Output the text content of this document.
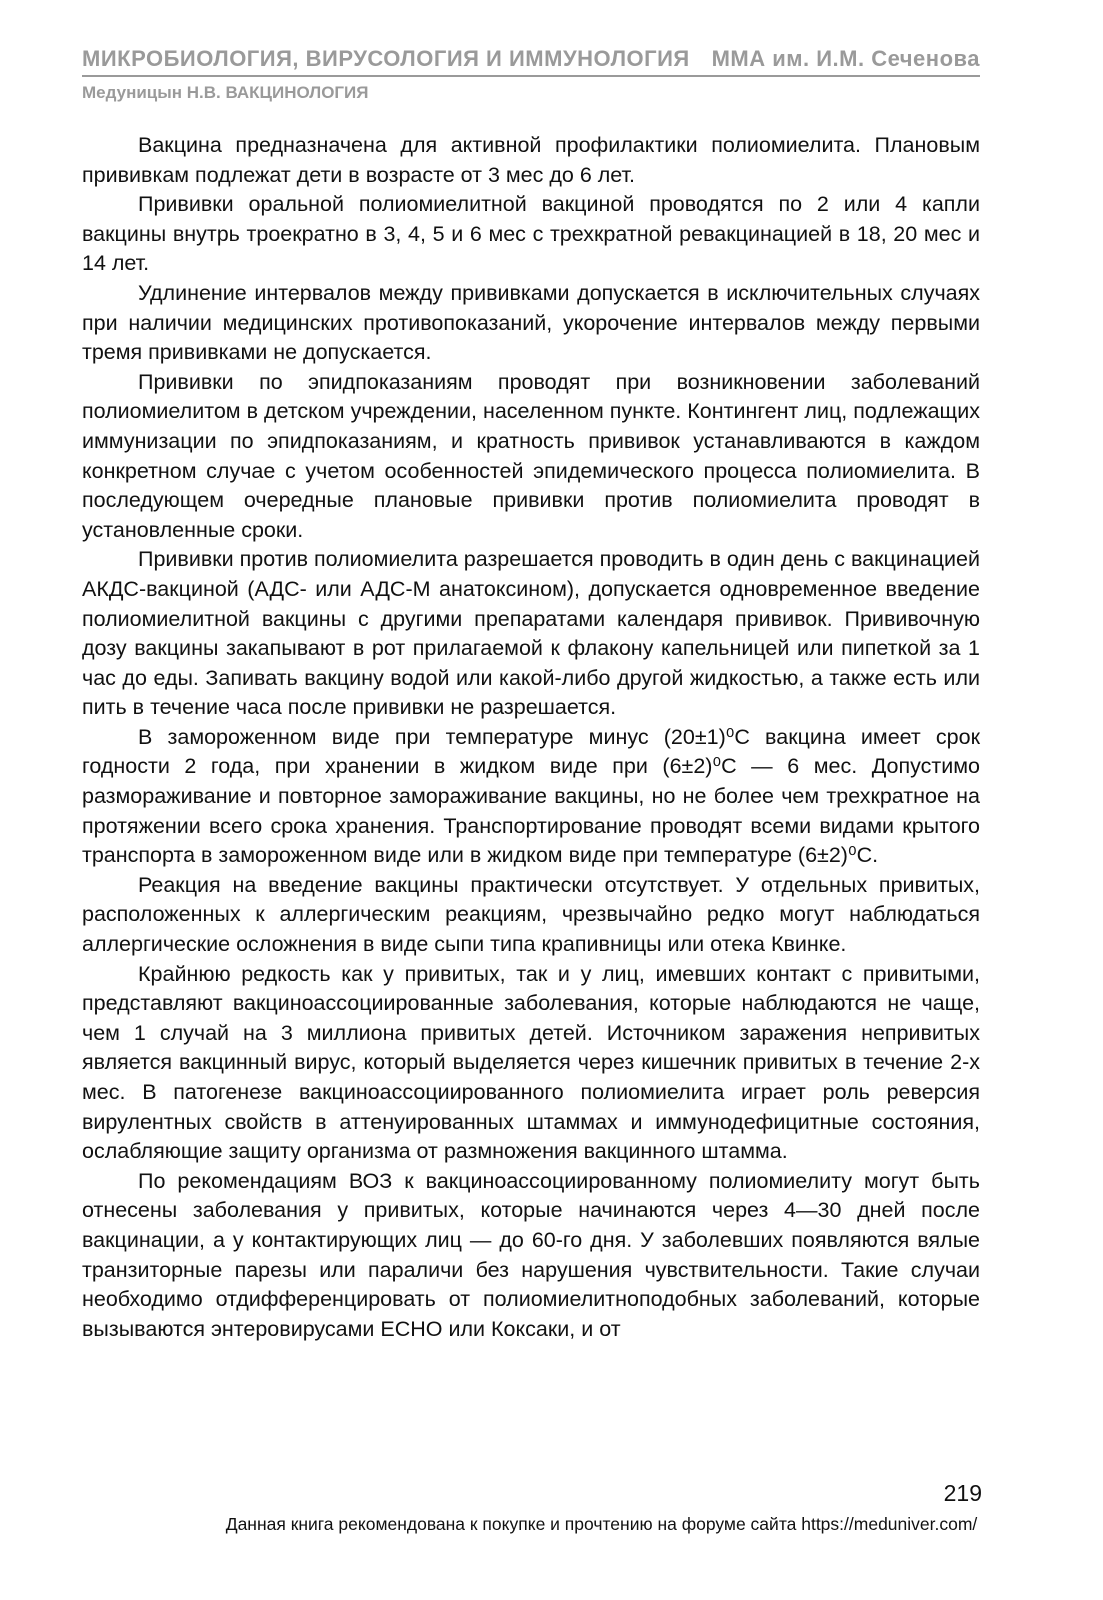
МИКРОБИОЛОГИЯ, ВИРУСОЛОГИЯ И ИММУНОЛОГИЯ ММА им. И.М. Сеченова
Медуницын Н.В. ВАКЦИНОЛОГИЯ

Вакцина предназначена для активной профилактики полиомиелита. Плановым прививкам подлежат дети в возрасте от 3 мес до 6 лет.

Прививки оральной полиомиелитной вакциной проводятся по 2 или 4 капли вакцины внутрь троекратно в 3, 4, 5 и 6 мес с трехкратной ревакцинацией в 18, 20 мес и 14 лет.

Удлинение интервалов между прививками допускается в исключительных случаях при наличии медицинских противопоказаний, укорочение интервалов между первыми тремя прививками не допускается.

Прививки по эпидпоказаниям проводят при возникновении заболеваний полиомиелитом в детском учреждении, населенном пункте. Контингент лиц, подлежащих иммунизации по эпидпоказаниям, и кратность прививок устанавливаются в каждом конкретном случае с учетом особенностей эпидемического процесса полиомиелита. В последующем очередные плановые прививки против полиомиелита проводят в установленные сроки.

Прививки против полиомиелита разрешается проводить в один день с вакцинацией АКДС-вакциной (АДС- или АДС-М анатоксином), допускается одновременное введение полиомиелитной вакцины с другими препаратами календаря прививок. Прививочную дозу вакцины закапывают в рот прилагаемой к флакону капельницей или пипеткой за 1 час до еды. Запивать вакцину водой или какой-либо другой жидкостью, а также есть или пить в течение часа после прививки не разрешается.

В замороженном виде при температуре минус (20±1)⁰С вакцина имеет срок годности 2 года, при хранении в жидком виде при (6±2)⁰С — 6 мес. Допустимо размораживание и повторное замораживание вакцины, но не более чем трехкратное на протяжении всего срока хранения. Транспортирование проводят всеми видами крытого транспорта в замороженном виде или в жидком виде при температуре (6±2)⁰С.

Реакция на введение вакцины практически отсутствует. У отдельных привитых, расположенных к аллергическим реакциям, чрезвычайно редко могут наблюдаться аллергические осложнения в виде сыпи типа крапивницы или отека Квинке.

Крайнюю редкость как у привитых, так и у лиц, имевших контакт с привитыми, представляют вакциноассоциированные заболевания, которые наблюдаются не чаще, чем 1 случай на 3 миллиона привитых детей. Источником заражения непривитых является вакцинный вирус, который выделяется через кишечник привитых в течение 2-х мес. В патогенезе вакциноассоциированного полиомиелита играет роль реверсия вирулентных свойств в аттенуированных штаммах и иммунодефицитные состояния, ослабляющие защиту организма от размножения вакцинного штамма.

По рекомендациям ВОЗ к вакциноассоциированному полиомиелиту могут быть отнесены заболевания у привитых, которые начинаются через 4—30 дней после вакцинации, а у контактирующих лиц — до 60-го дня. У заболевших появляются вялые транзиторные парезы или параличи без нарушения чувствительности. Такие случаи необходимо отдифференцировать от полиомиелитноподобных заболеваний, которые вызываются энтеровирусами ЕСНО или Коксаки, и от

219
Данная книга рекомендована к покупке и прочтению на форуме сайта https://meduniver.com/
